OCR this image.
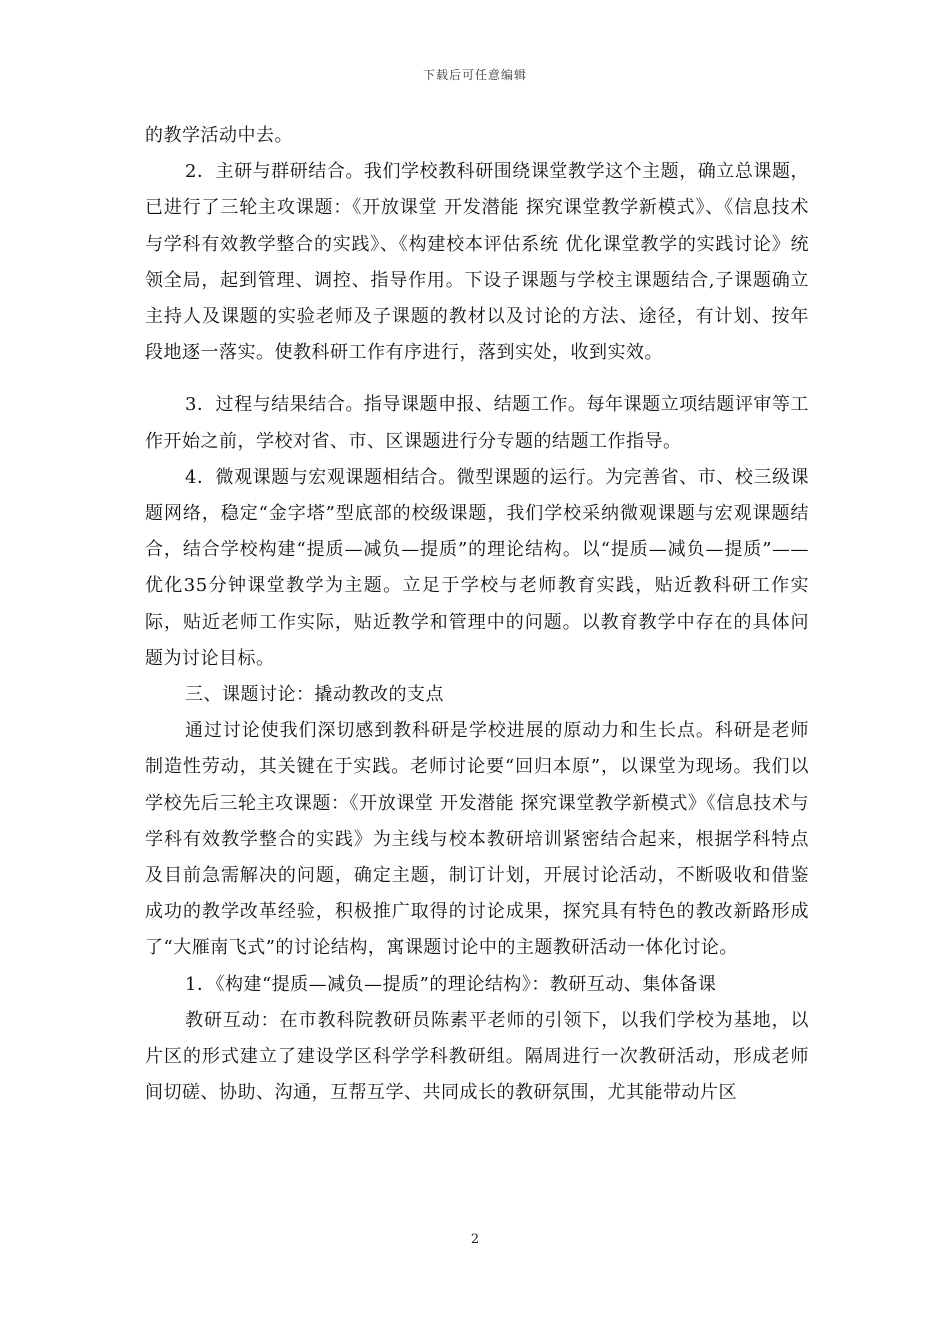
下载后可任意编辑

的教学活动中去。

2．主研与群研结合。我们学校教科研围绕课堂教学这个主题，确立总课题，已进行了三轮主攻课题：《开放课堂 开发潜能 探究课堂教学新模式》、《信息技术与学科有效教学整合的实践》、《构建校本评估系统 优化课堂教学的实践讨论》统领全局，起到管理、调控、指导作用。下设子课题与学校主课题结合,子课题确立主持人及课题的实验老师及子课题的教材以及讨论的方法、途径，有计划、按年段地逐一落实。使教科研工作有序进行，落到实处，收到实效。

3．过程与结果结合。指导课题申报、结题工作。每年课题立项结题评审等工作开始之前，学校对省、市、区课题进行分专题的结题工作指导。

4．微观课题与宏观课题相结合。微型课题的运行。为完善省、市、校三级课题网络，稳定“金字塔”型底部的校级课题，我们学校采纳微观课题与宏观课题结合，结合学校构建“提质—减负—提质”的理论结构。以“提质—减负—提质”——优化35分钟课堂教学为主题。立足于学校与老师教育实践，贴近教科研工作实际，贴近老师工作实际，贴近教学和管理中的问题。以教育教学中存在的具体问题为讨论目标。

三、课题讨论：撬动教改的支点

通过讨论使我们深切感到教科研是学校进展的原动力和生长点。科研是老师制造性劳动，其关键在于实践。老师讨论要“回归本原”，以课堂为现场。我们以学校先后三轮主攻课题：《开放课堂 开发潜能 探究课堂教学新模式》《信息技术与学科有效教学整合的实践》为主线与校本教研培训紧密结合起来，根据学科特点及目前急需解决的问题，确定主题，制订计划，开展讨论活动，不断吸收和借鉴成功的教学改革经验，积极推广取得的讨论成果，探究具有特色的教改新路形成了“大雁南飞式”的讨论结构，寓课题讨论中的主题教研活动一体化讨论。

1．《构建“提质—减负—提质”的理论结构》：教研互动、集体备课

教研互动：在市教科院教研员陈素平老师的引领下，以我们学校为基地，以片区的形式建立了建设学区科学学科教研组。隔周进行一次教研活动，形成老师间切磋、协助、沟通，互帮互学、共同成长的教研氛围，尤其能带动片区

2
